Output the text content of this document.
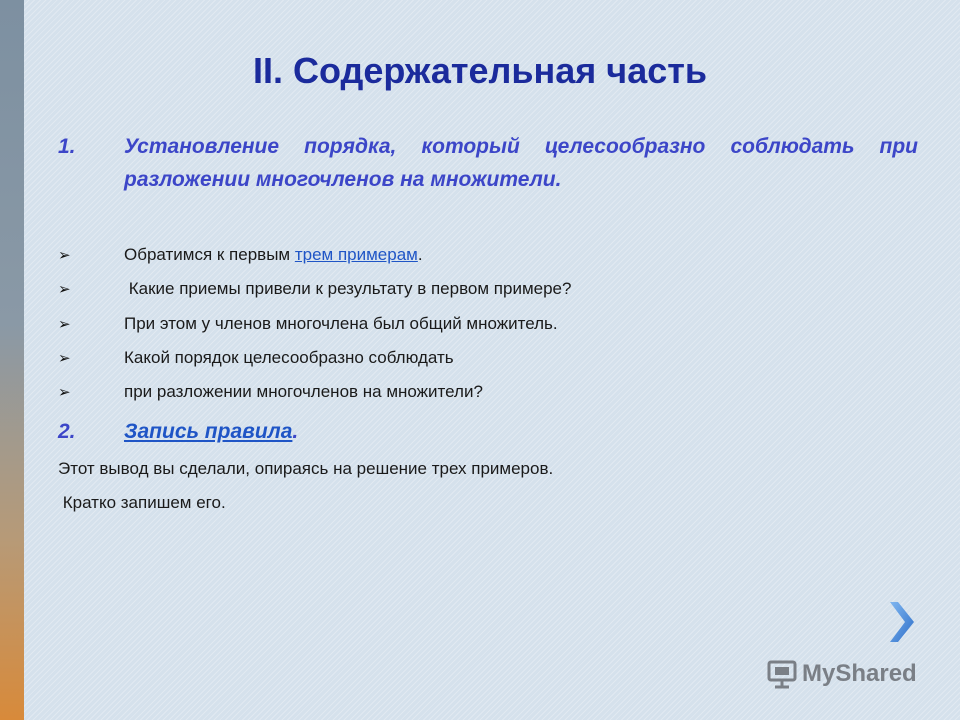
II. Содержательная часть
1.	Установление порядка, который целесообразно соблюдать при разложении многочленов на множители.
➢	Обратимся к первым трем примерам.
➢	Какие приемы привели к результату в первом примере?
➢	При этом у членов многочлена был общий множитель.
➢	Какой порядок целесообразно соблюдать
➢	при разложении многочленов на множители?
2.	Запись правила.
Этот вывод вы сделали, опираясь на решение трех примеров.
Кратко запишем его.
MyShared
